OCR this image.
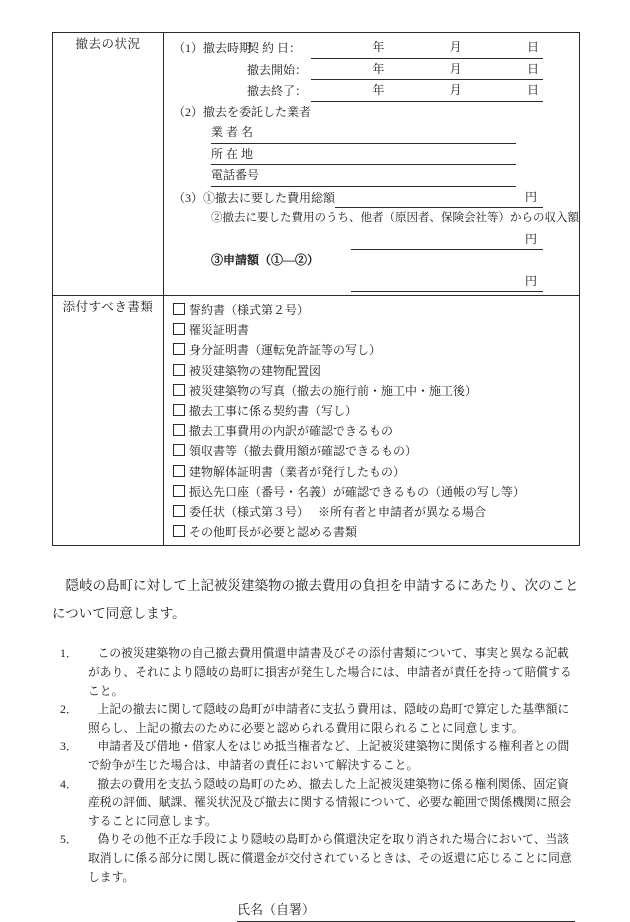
撤去の状況	（1）撤去時期
契 約 日：	年	月	日
撤去開始：	年	月	日
撤去終了：	年	月	日
（2）撤去を委託した業者
業 者 名
所 在 地
電話番号
（3）①撤去に要した費用総額	円
②撤去に要した費用のうち、他者（原因者、保険会社等）からの収入額
円
③申請額（①―②）
円

添付すべき書類	誓約書（様式第２号）
罹災証明書
身分証明書（運転免許証等の写し）
被災建築物の建物配置図
被災建築物の写真（撤去の施行前・施工中・施工後）
撤去工事に係る契約書（写し）
撤去工事費用の内訳が確認できるもの
領収書等（撤去費用額が確認できるもの）
建物解体証明書（業者が発行したもの）
振込先口座（番号・名義）が確認できるもの（通帳の写し等）
委任状（様式第３号）　 ※所有者と申請者が異なる場合
その他町長が必要と認める書類
隠岐の島町に対して上記被災建築物の撤去費用の負担を申請するにあたり、次のことについて同意します。
1．	この被災建築物の自己撤去費用償還申請書及びその添付書類について、事実と異なる記載があり、それにより隠岐の島町に損害が発生した場合には、申請者が責任を持って賠償すること。
2．	上記の撤去に関して隠岐の島町が申請者に支払う費用は、隠岐の島町で算定した基準額に照らし、上記の撤去のために必要と認められる費用に限られることに同意します。
3．	申請者及び借地・借家人をはじめ抵当権者など、上記被災建築物に関係する権利者との間で紛争が生じた場合は、申請者の責任において解決すること。
4．	撤去の費用を支払う隠岐の島町のため、撤去した上記被災建築物に係る権利関係、固定資産税の評価、賦課、罹災状況及び撤去に関する情報について、必要な範囲で関係機関に照会することに同意します。
5．	偽りその他不正な手段により隠岐の島町から償還決定を取り消された場合において、当該取消しに係る部分に関し既に償還金が交付されているときは、その返還に応じることに同意します。
氏名（自署）
